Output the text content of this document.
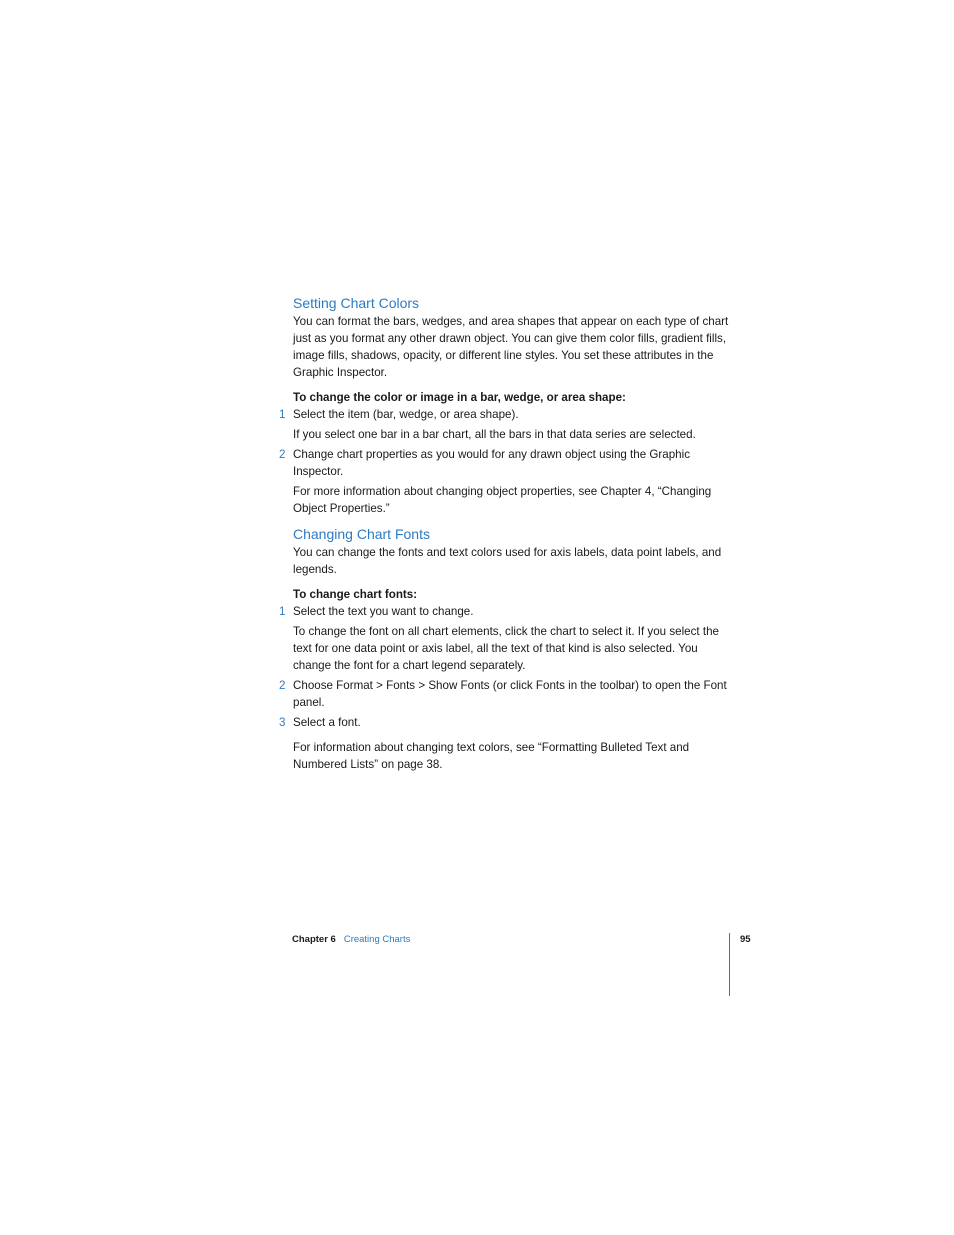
Setting Chart Colors

You can format the bars, wedges, and area shapes that appear on each type of chart just as you format any other drawn object. You can give them color fills, gradient fills, image fills, shadows, opacity, or different line styles. You set these attributes in the Graphic Inspector.

To change the color or image in a bar, wedge, or area shape:

1 Select the item (bar, wedge, or area shape).

If you select one bar in a bar chart, all the bars in that data series are selected.

2 Change chart properties as you would for any drawn object using the Graphic Inspector.

For more information about changing object properties, see Chapter 4, “Changing Object Properties.”

Changing Chart Fonts

You can change the fonts and text colors used for axis labels, data point labels, and legends.

To change chart fonts:

1 Select the text you want to change.

To change the font on all chart elements, click the chart to select it. If you select the text for one data point or axis label, all the text of that kind is also selected. You change the font for a chart legend separately.

2 Choose Format > Fonts > Show Fonts (or click Fonts in the toolbar) to open the Font panel.
3 Select a font.

For information about changing text colors, see “Formatting Bulleted Text and Numbered Lists” on page 38.

Chapter 6 Creating Charts	95
